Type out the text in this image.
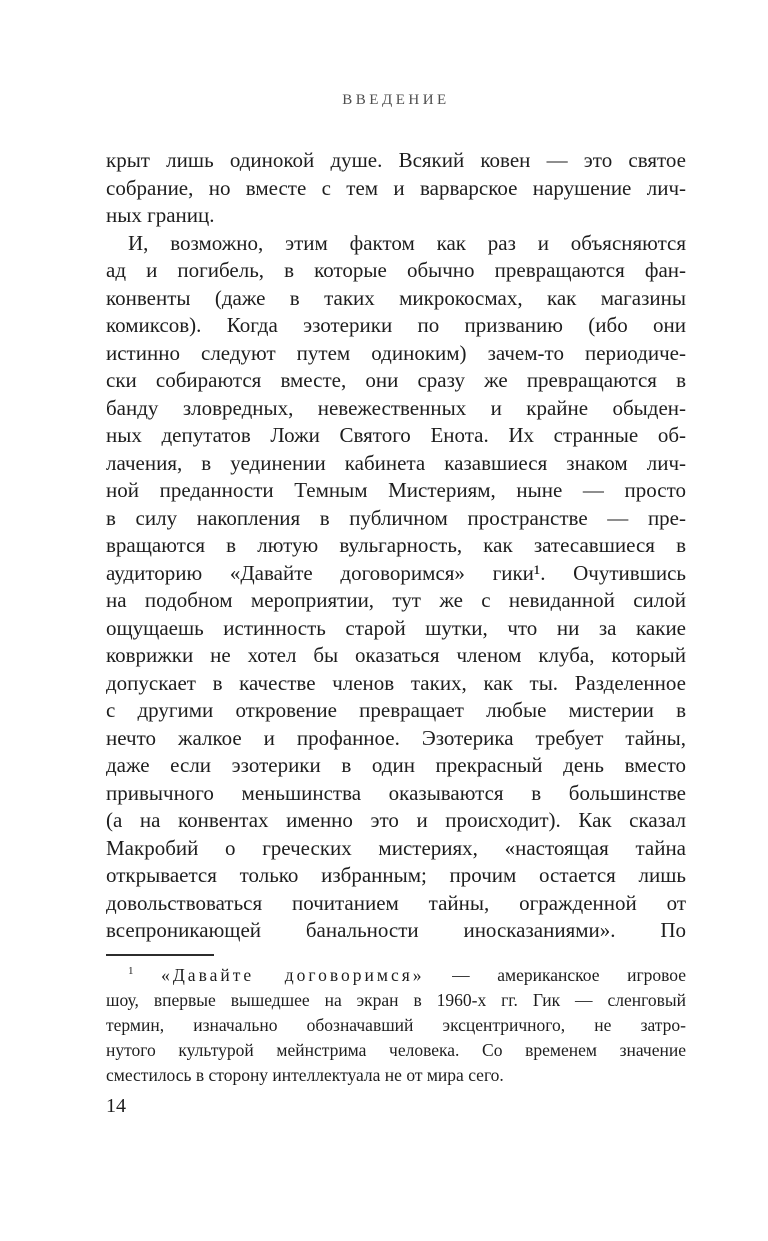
ВВЕДЕНИЕ
крыт лишь одинокой душе. Всякий ковен — это святое
собрание, но вместе с тем и варварское нарушение лич-
ных границ.
И, возможно, этим фактом как раз и объясняются
ад и погибель, в которые обычно превращаются фан-
конвенты (даже в таких микрокосмах, как магазины
комиксов). Когда эзотерики по призванию (ибо они
истинно следуют путем одиноким) зачем-то периодиче-
ски собираются вместе, они сразу же превращаются в
банду зловредных, невежественных и крайне обыден-
ных депутатов Ложи Святого Енота. Их странные об-
лачения, в уединении кабинета казавшиеся знаком лич-
ной преданности Темным Мистериям, ныне — просто
в силу накопления в публичном пространстве — пре-
вращаются в лютую вульгарность, как затесавшиеся в
аудиторию «Давайте договоримся» гики¹. Очутившись
на подобном мероприятии, тут же с невиданной силой
ощущаешь истинность старой шутки, что ни за какие
коврижки не хотел бы оказаться членом клуба, который
допускает в качестве членов таких, как ты. Разделенное
с другими откровение превращает любые мистерии в
нечто жалкое и профанное. Эзотерика требует тайны,
даже если эзотерики в один прекрасный день вместо
привычного меньшинства оказываются в большинстве
(а на конвентах именно это и происходит). Как сказал
Макробий о греческих мистериях, «настоящая тайна
открывается только избранным; прочим остается лишь
довольствоваться почитанием тайны, огражденной от
всепроникающей банальности иносказаниями». По
$^1$ «Давайте договоримся» — американское игровое
шоу, впервые вышедшее на экран в 1960-х гг. Гик — сленговый
термин, изначально обозначавший эксцентричного, не затро-
нутого культурой мейнстрима человека. Со временем значение
сместилось в сторону интеллектуала не от мира сего.
14
